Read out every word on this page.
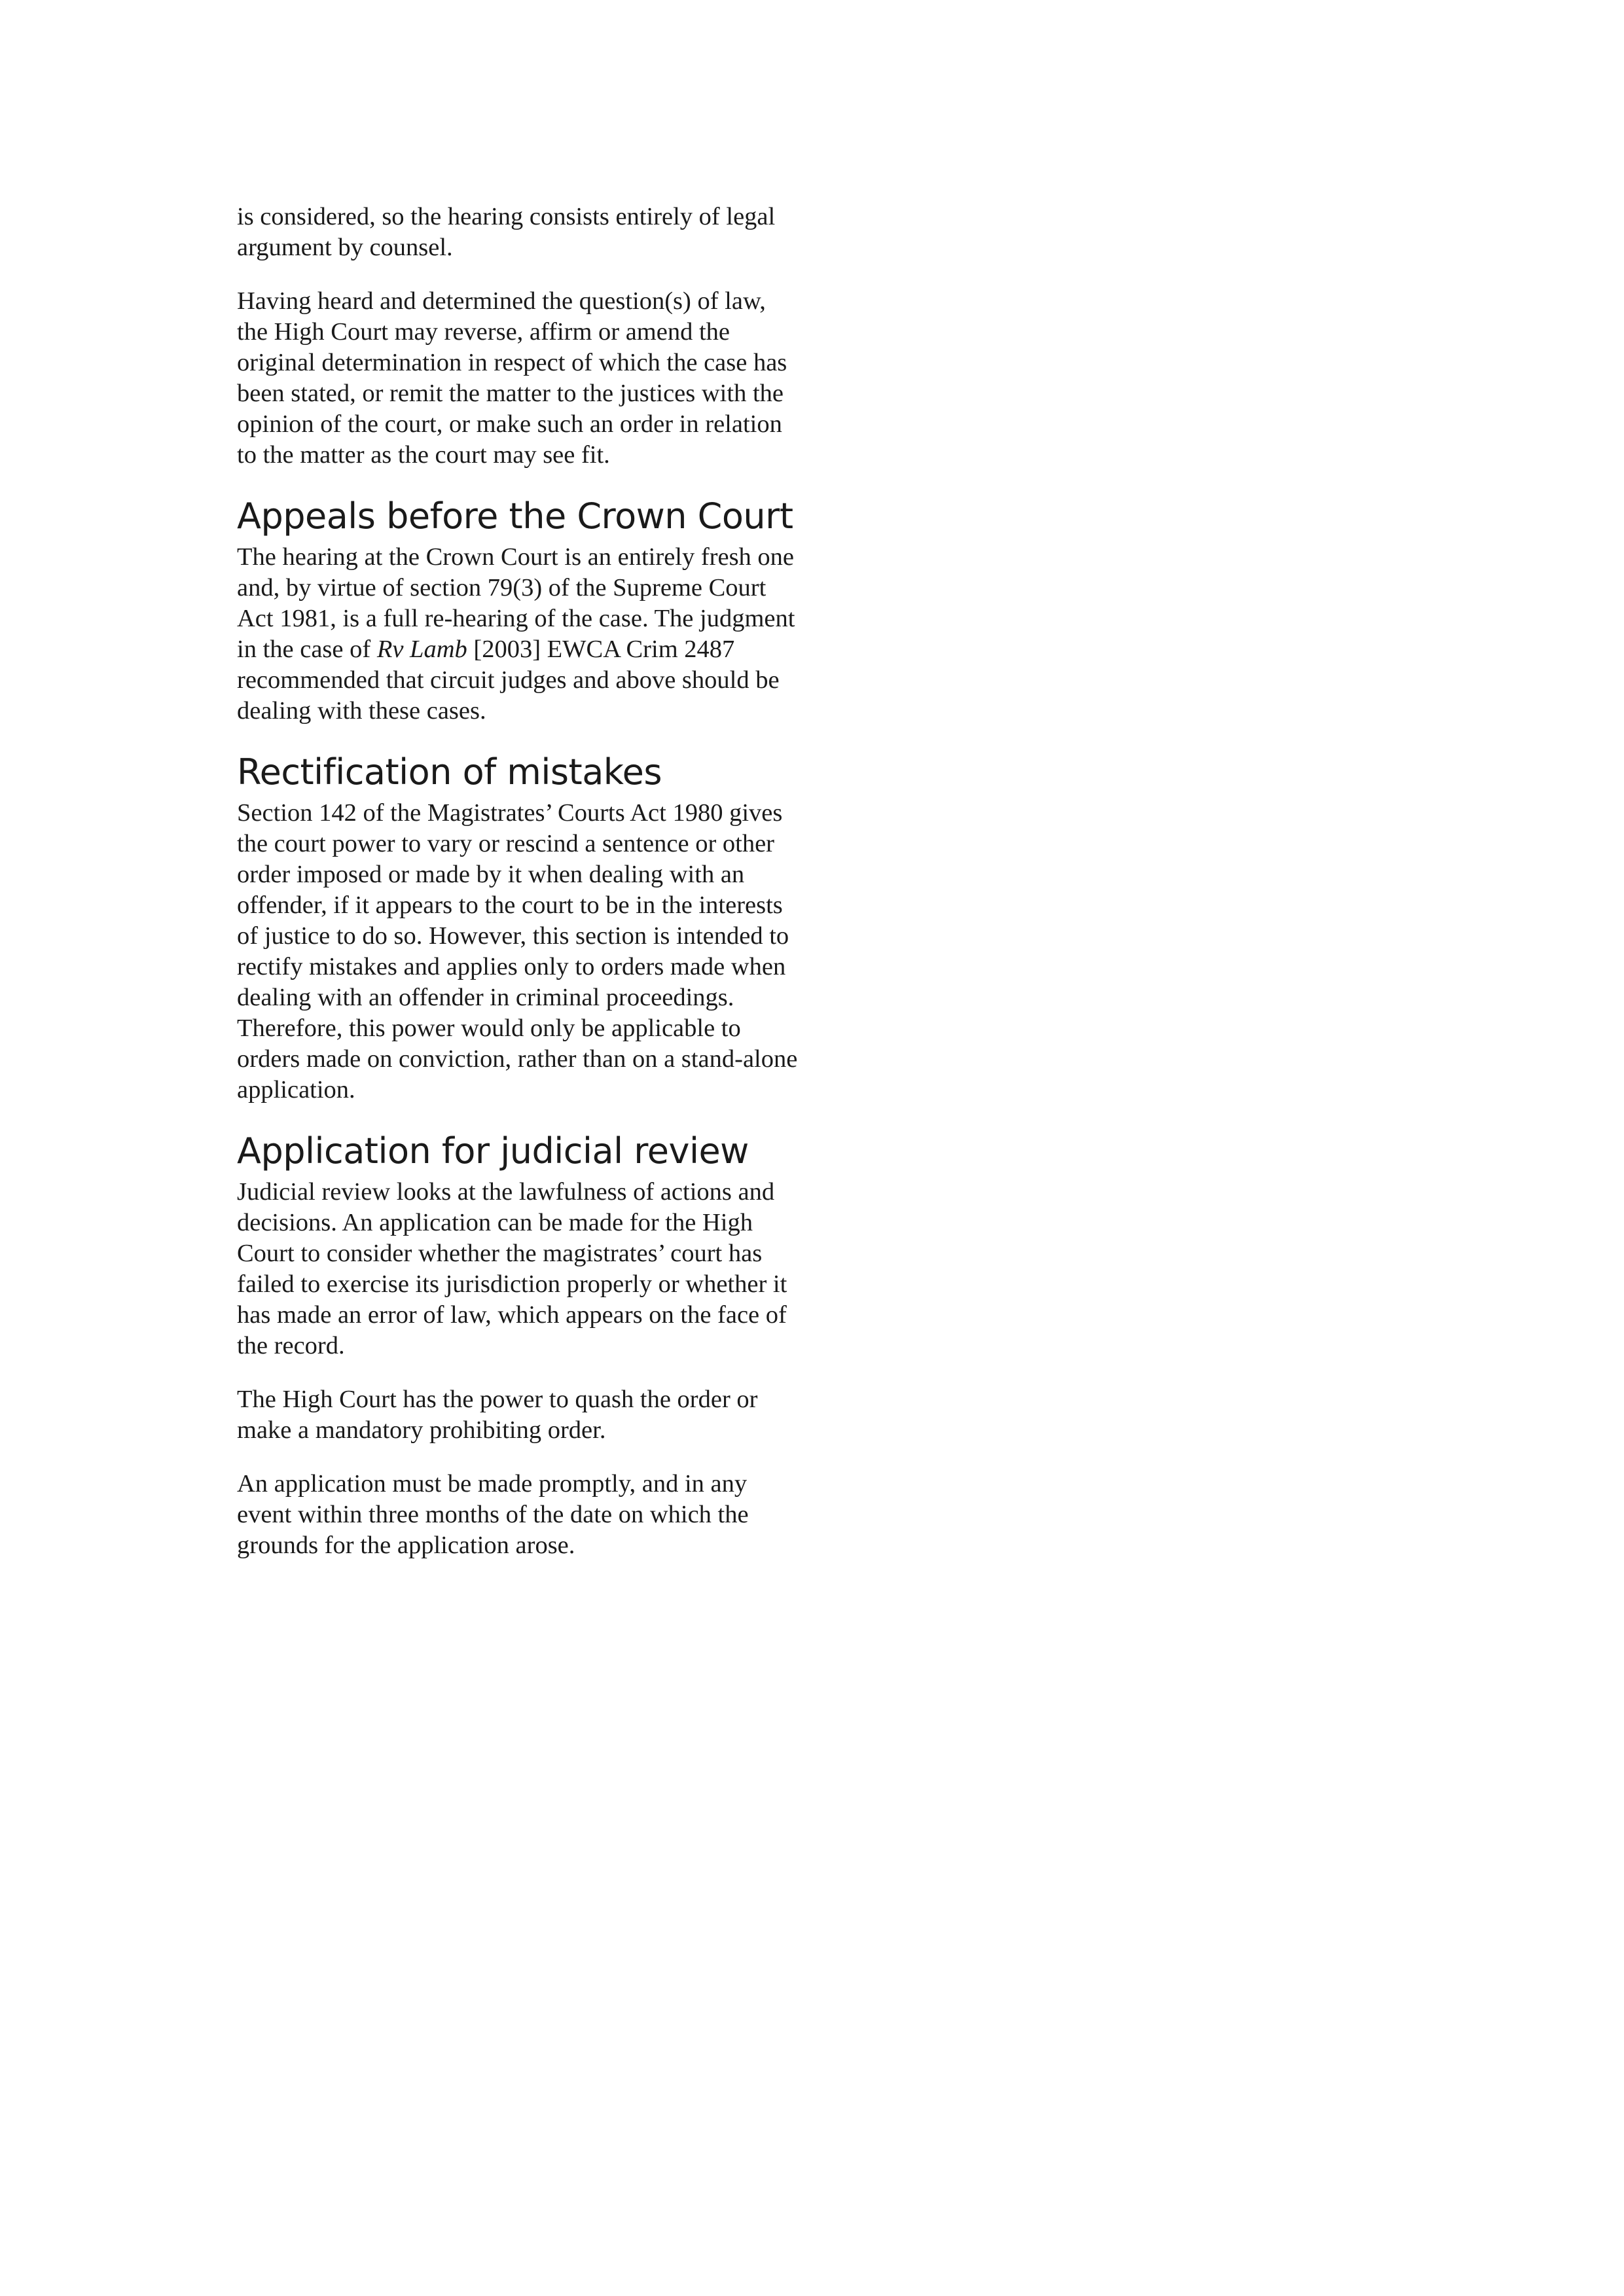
is considered, so the hearing consists entirely of legal
argument by counsel.

Having heard and determined the question(s) of law,
the High Court may reverse, affirm or amend the
original determination in respect of which the case has
been stated, or remit the matter to the justices with the
opinion of the court, or make such an order in relation
to the matter as the court may see fit.

Appeals before the Crown Court

The hearing at the Crown Court is an entirely fresh one
and, by virtue of section 79(3) of the Supreme Court
Act 1981, is a full re-hearing of the case. The judgment
in the case of Rv Lamb [2003] EWCA Crim 2487
recommended that circuit judges and above should be
dealing with these cases.

Rectification of mistakes

Section 142 of the Magistrates’ Courts Act 1980 gives
the court power to vary or rescind a sentence or other
order imposed or made by it when dealing with an
offender, if it appears to the court to be in the interests
of justice to do so. However, this section is intended to
rectify mistakes and applies only to orders made when
dealing with an offender in criminal proceedings.
Therefore, this power would only be applicable to
orders made on conviction, rather than on a stand-alone
application.

Application for judicial review

Judicial review looks at the lawfulness of actions and
decisions. An application can be made for the High
Court to consider whether the magistrates’ court has
failed to exercise its jurisdiction properly or whether it
has made an error of law, which appears on the face of
the record.

The High Court has the power to quash the order or
make a mandatory prohibiting order.

An application must be made promptly, and in any
event within three months of the date on which the
grounds for the application arose.
